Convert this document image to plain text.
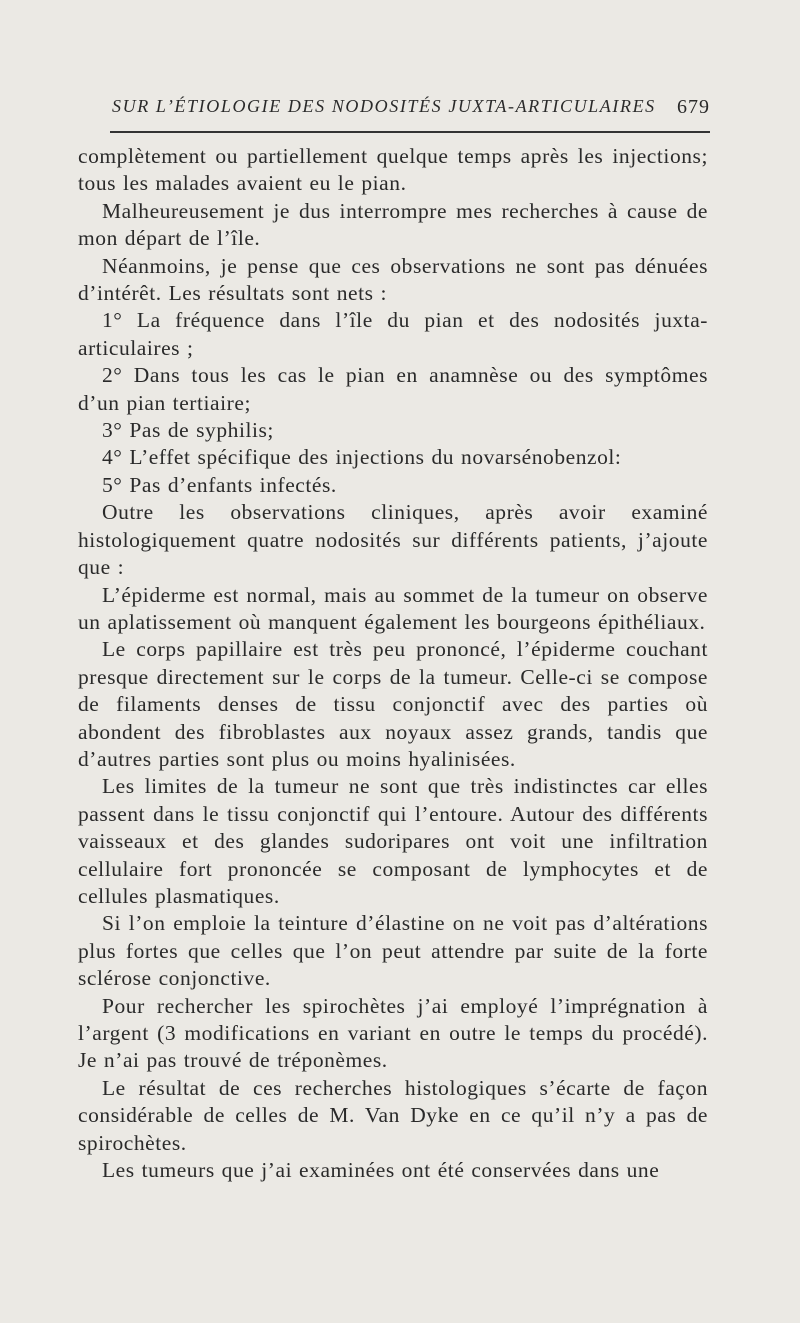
SUR L’ÉTIOLOGIE DES NODOSITÉS JUXTA-ARTICULAIRES 679

complètement ou partiellement quelque temps après les injections; tous les malades avaient eu le pian.

Malheureusement je dus interrompre mes recherches à cause de mon départ de l’île.

Néanmoins, je pense que ces observations ne sont pas dénuées d’intérêt. Les résultats sont nets :

1° La fréquence dans l’île du pian et des nodosités juxta-articulaires ;

2° Dans tous les cas le pian en anamnèse ou des symptômes d’un pian tertiaire;

3° Pas de syphilis;

4° L’effet spécifique des injections du novarsénobenzol:

5° Pas d’enfants infectés.

Outre les observations cliniques, après avoir examiné histologiquement quatre nodosités sur différents patients, j’ajoute que :

L’épiderme est normal, mais au sommet de la tumeur on observe un aplatissement où manquent également les bourgeons épithéliaux.

Le corps papillaire est très peu prononcé, l’épiderme couchant presque directement sur le corps de la tumeur. Celle-ci se compose de filaments denses de tissu conjonctif avec des parties où abondent des fibroblastes aux noyaux assez grands, tandis que d’autres parties sont plus ou moins hyalinisées.

Les limites de la tumeur ne sont que très indistinctes car elles passent dans le tissu conjonctif qui l’entoure. Autour des différents vaisseaux et des glandes sudoripares ont voit une infiltration cellulaire fort prononcée se composant de lymphocytes et de cellules plasmatiques.

Si l’on emploie la teinture d’élastine on ne voit pas d’altérations plus fortes que celles que l’on peut attendre par suite de la forte sclérose conjonctive.

Pour rechercher les spirochètes j’ai employé l’imprégnation à l’argent (3 modifications en variant en outre le temps du procédé). Je n’ai pas trouvé de tréponèmes.

Le résultat de ces recherches histologiques s’écarte de façon considérable de celles de M. Van Dyke en ce qu’il n’y a pas de spirochètes.

Les tumeurs que j’ai examinées ont été conservées dans une
